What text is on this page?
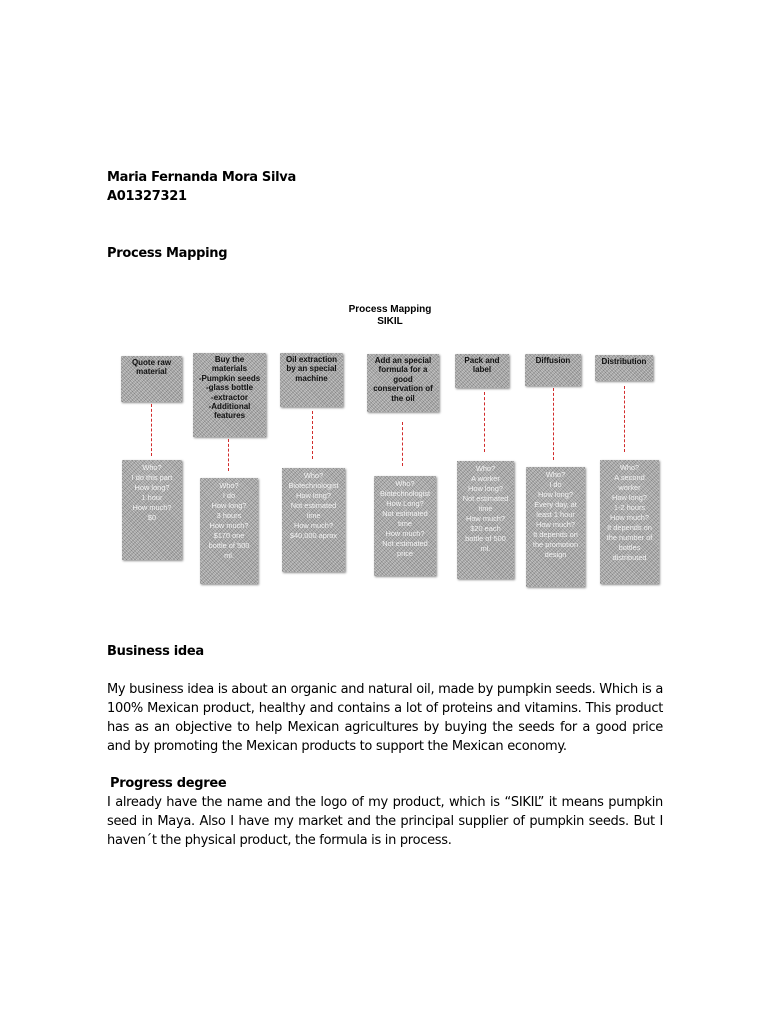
Maria Fernanda Mora Silva
A01327321
Process Mapping
Process Mapping
SIKIL
Quote raw
material
Who?
I do this part
How long?
1 hour
How much?
$0
Buy the
materials
-Pumpkin seeds
-glass bottle
-extractor
-Additional
features
Who?
I do
How long?
3 hours
How much?
$170 one
bottle of 500
ml.
Oil extraction
by an special
machine
Who?
Biotechnologist
How long?
Not estimated
time
How much?
$40,000 aprox
Add an special
formula for a
good
conservation of
the oil
Who?
Biotechnologist
How Long?
Not estimated
time
How much?
Not estimated
price
Pack and
label
Who?
A worker
How long?
Not estimated
time
How much?
$20 each
bottle of 500
ml.
Diffusion
Who?
I do
How long?
Every day, at
least 1 hour
How much?
It depends on
the promotion
design
Distribution
Who?
A second
worker
How long?
1-2 hours
How much?
It depends on
the number of
bottles
distributed
Business idea
My business idea is about an organic and natural oil, made by pumpkin seeds. Which is a 100% Mexican product, healthy and contains a lot of proteins and vitamins. This product has as an objective to help Mexican agricultures by buying the seeds for a good price and by promoting the Mexican products to support the Mexican economy.
Progress degree
I already have the name and the logo of my product, which is “SIKIL” it means pumpkin seed in Maya. Also I have my market and the principal supplier of pumpkin seeds. But I haven´t the physical product, the formula is in process.
